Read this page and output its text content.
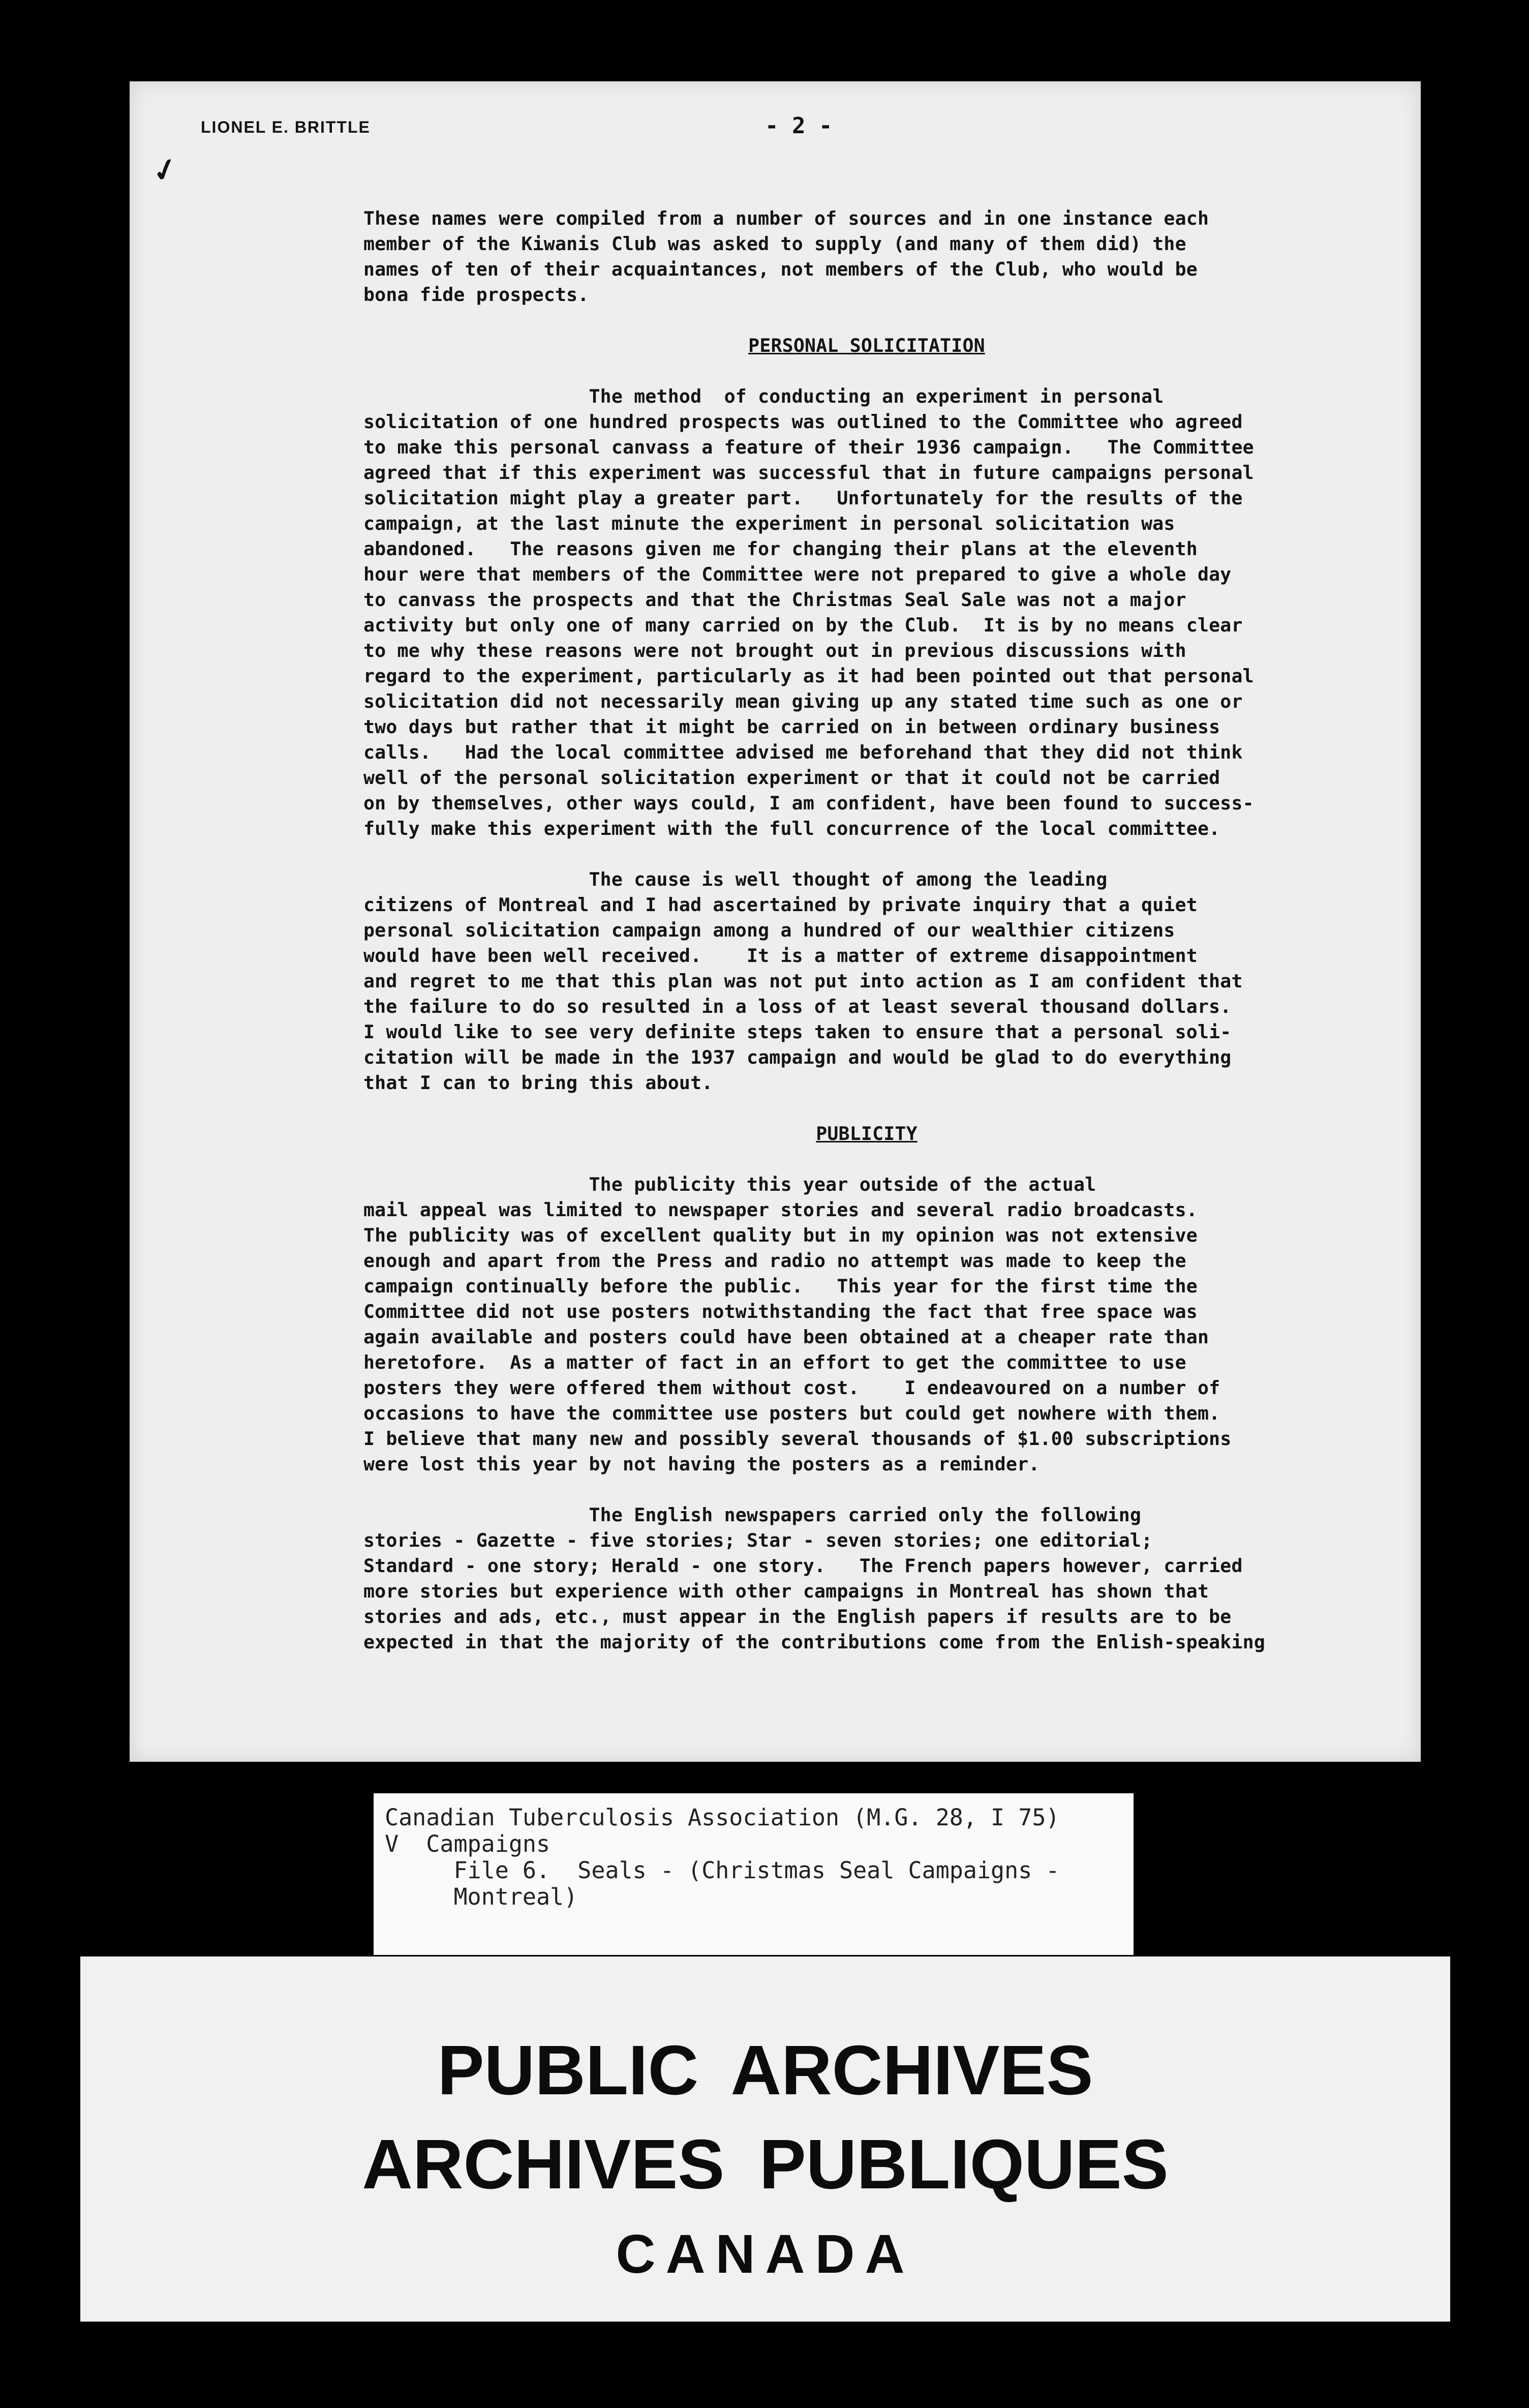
LIONEL E. BRITTLE	- 2 -
✓

These names were compiled from a number of sources and in one instance each

member of the Kiwanis Club was asked to supply (and many of them did) the

names of ten of their acquaintances, not members of the Club, who would be

bona fide prospects.

PERSONAL SOLICITATION

The method  of conducting an experiment in personal

solicitation of one hundred prospects was outlined to the Committee who agreed

to make this personal canvass a feature of their 1936 campaign.   The Committee

agreed that if this experiment was successful that in future campaigns personal

solicitation might play a greater part.   Unfortunately for the results of the

campaign, at the last minute the experiment in personal solicitation was

abandoned.   The reasons given me for changing their plans at the eleventh

hour were that members of the Committee were not prepared to give a whole day

to canvass the prospects and that the Christmas Seal Sale was not a major

activity but only one of many carried on by the Club.  It is by no means clear

to me why these reasons were not brought out in previous discussions with

regard to the experiment, particularly as it had been pointed out that personal

solicitation did not necessarily mean giving up any stated time such as one or

two days but rather that it might be carried on in between ordinary business

calls.   Had the local committee advised me beforehand that they did not think

well of the personal solicitation experiment or that it could not be carried

on by themselves, other ways could, I am confident, have been found to success-

fully make this experiment with the full concurrence of the local committee.

The cause is well thought of among the leading

citizens of Montreal and I had ascertained by private inquiry that a quiet

personal solicitation campaign among a hundred of our wealthier citizens

would have been well received.    It is a matter of extreme disappointment

and regret to me that this plan was not put into action as I am confident that

the failure to do so resulted in a loss of at least several thousand dollars.

I would like to see very definite steps taken to ensure that a personal soli-

citation will be made in the 1937 campaign and would be glad to do everything

that I can to bring this about.

PUBLICITY

The publicity this year outside of the actual

mail appeal was limited to newspaper stories and several radio broadcasts.

The publicity was of excellent quality but in my opinion was not extensive

enough and apart from the Press and radio no attempt was made to keep the

campaign continually before the public.   This year for the first time the

Committee did not use posters notwithstanding the fact that free space was

again available and posters could have been obtained at a cheaper rate than

heretofore.  As a matter of fact in an effort to get the committee to use

posters they were offered them without cost.    I endeavoured on a number of

occasions to have the committee use posters but could get nowhere with them.

I believe that many new and possibly several thousands of $1.00 subscriptions

were lost this year by not having the posters as a reminder.

The English newspapers carried only the following

stories - Gazette - five stories; Star - seven stories; one editorial;

Standard - one story; Herald - one story.   The French papers however, carried

more stories but experience with other campaigns in Montreal has shown that

stories and ads, etc., must appear in the English papers if results are to be

expected in that the majority of the contributions come from the Enlish-speaking

Canadian Tuberculosis Association (M.G. 28, I 75)
V  Campaigns
File 6.  Seals - (Christmas Seal Campaigns -
Montreal)
PUBLIC ARCHIVES
ARCHIVES PUBLIQUES
CANADA
